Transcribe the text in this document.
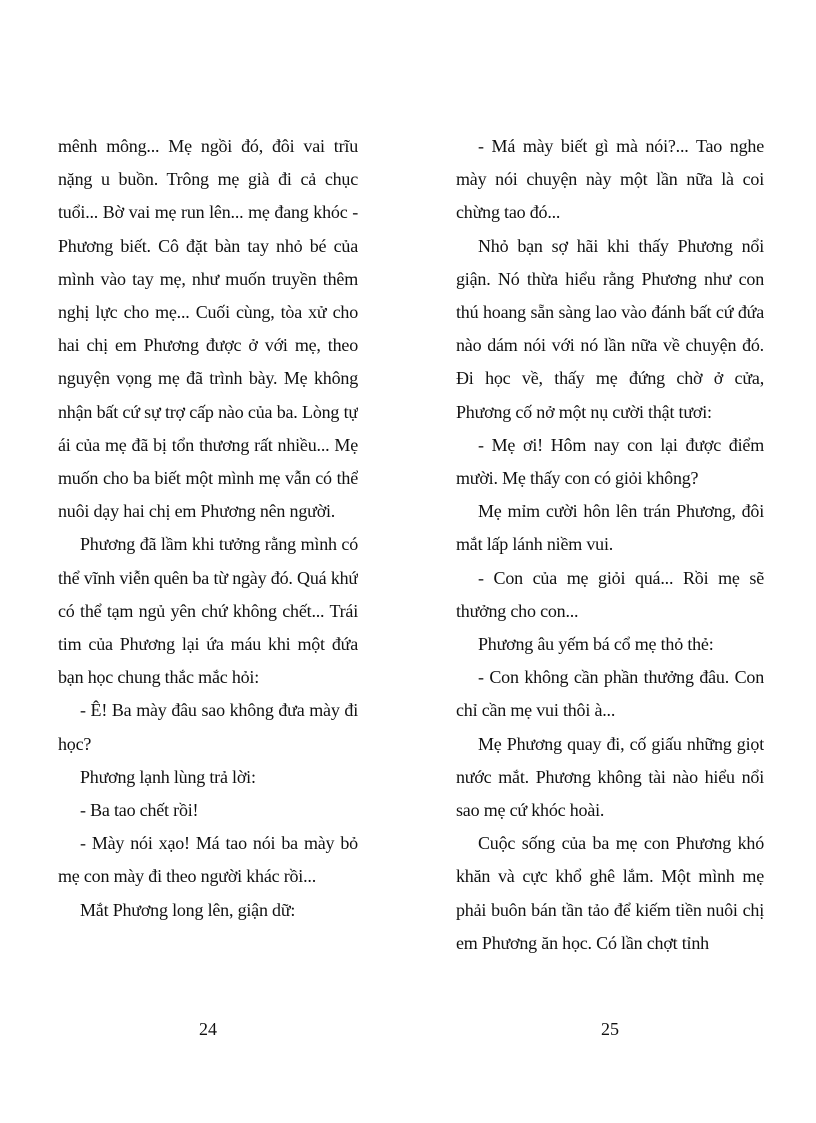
mênh mông... Mẹ ngồi đó, đôi vai trĩu nặng u buồn. Trông mẹ già đi cả chục tuổi... Bờ vai mẹ run lên... mẹ đang khóc - Phương biết. Cô đặt bàn tay nhỏ bé của mình vào tay mẹ, như muốn truyền thêm nghị lực cho mẹ... Cuối cùng, tòa xử cho hai chị em Phương được ở với mẹ, theo nguyện vọng mẹ đã trình bày. Mẹ không nhận bất cứ sự trợ cấp nào của ba. Lòng tự ái của mẹ đã bị tổn thương rất nhiều... Mẹ muốn cho ba biết một mình mẹ vẫn có thể nuôi dạy hai chị em Phương nên người.

Phương đã lầm khi tưởng rằng mình có thể vĩnh viễn quên ba từ ngày đó. Quá khứ có thể tạm ngủ yên chứ không chết... Trái tim của Phương lại ứa máu khi một đứa bạn học chung thắc mắc hỏi:

- Ê! Ba mày đâu sao không đưa mày đi học?

Phương lạnh lùng trả lời:

- Ba tao chết rồi!

- Mày nói xạo! Má tao nói ba mày bỏ mẹ con mày đi theo người khác rồi...

Mắt Phương long lên, giận dữ:

24

- Má mày biết gì mà nói?... Tao nghe mày nói chuyện này một lần nữa là coi chừng tao đó...

Nhỏ bạn sợ hãi khi thấy Phương nổi giận. Nó thừa hiểu rằng Phương như con thú hoang sẵn sàng lao vào đánh bất cứ đứa nào dám nói với nó lần nữa về chuyện đó. Đi học về, thấy mẹ đứng chờ ở cửa, Phương cố nở một nụ cười thật tươi:

- Mẹ ơi! Hôm nay con lại được điểm mười. Mẹ thấy con có giỏi không?

Mẹ mỉm cười hôn lên trán Phương, đôi mắt lấp lánh niềm vui.

- Con của mẹ giỏi quá... Rồi mẹ sẽ thưởng cho con...

Phương âu yếm bá cổ mẹ thỏ thẻ:

- Con không cần phần thưởng đâu. Con chỉ cần mẹ vui thôi à...

Mẹ Phương quay đi, cố giấu những giọt nước mắt. Phương không tài nào hiểu nổi sao mẹ cứ khóc hoài.

Cuộc sống của ba mẹ con Phương khó khăn và cực khổ ghê lắm. Một mình mẹ phải buôn bán tần tảo để kiếm tiền nuôi chị em Phương ăn học. Có lần chợt tỉnh

25
